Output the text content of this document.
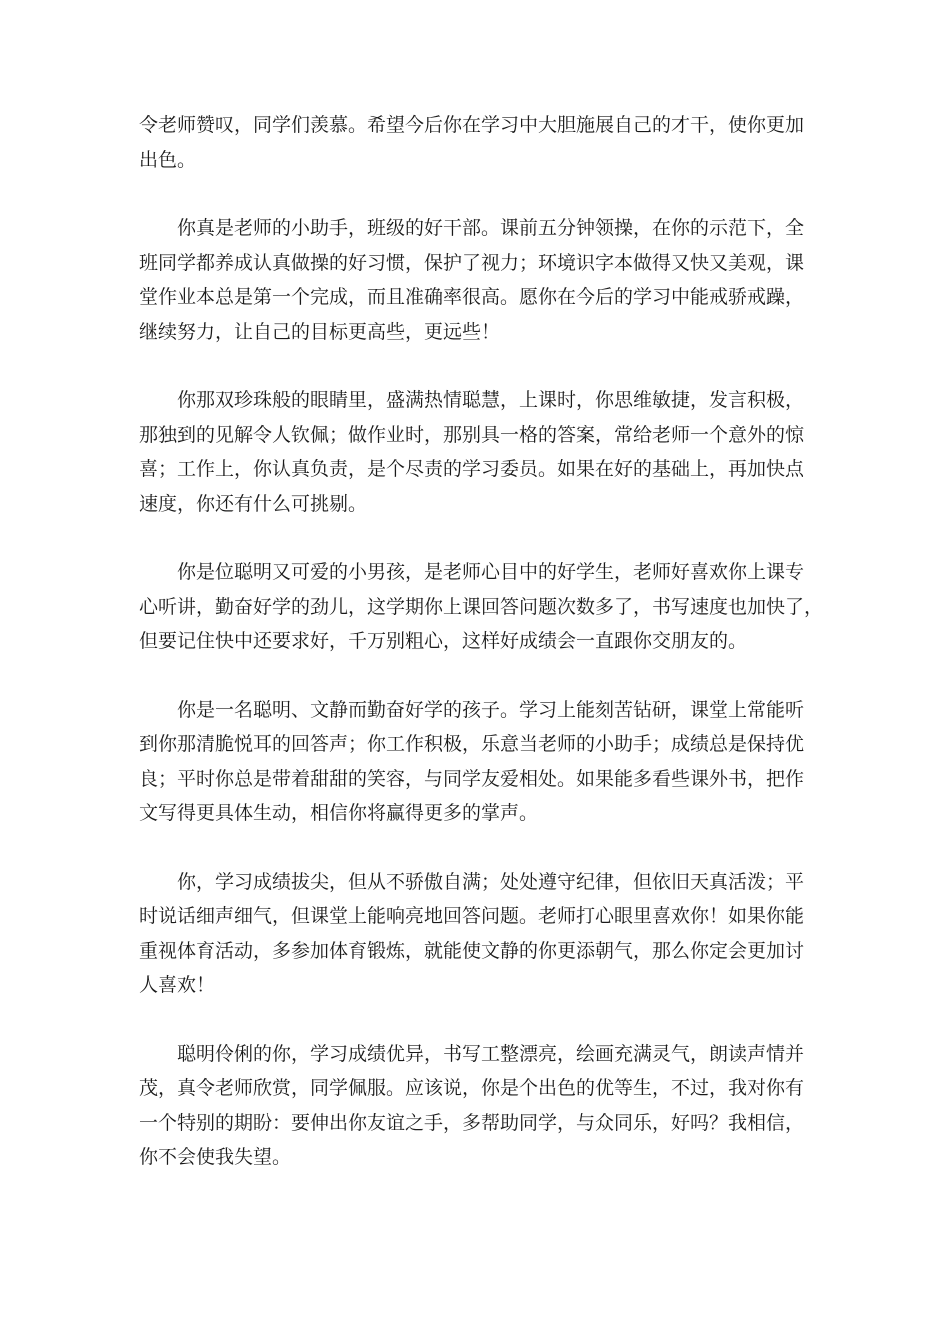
令老师赞叹，同学们羡慕。希望今后你在学习中大胆施展自己的才干，使你更加
出色。

　　你真是老师的小助手，班级的好干部。课前五分钟领操，在你的示范下，全
班同学都养成认真做操的好习惯，保护了视力；环境识字本做得又快又美观，课
堂作业本总是第一个完成，而且准确率很高。愿你在今后的学习中能戒骄戒躁，
继续努力，让自己的目标更高些，更远些！

　　你那双珍珠般的眼睛里，盛满热情聪慧，上课时，你思维敏捷，发言积极，
那独到的见解令人钦佩；做作业时，那别具一格的答案，常给老师一个意外的惊
喜；工作上，你认真负责，是个尽责的学习委员。如果在好的基础上，再加快点
速度，你还有什么可挑剔。

　　你是位聪明又可爱的小男孩，是老师心目中的好学生，老师好喜欢你上课专
心听讲，勤奋好学的劲儿，这学期你上课回答问题次数多了，书写速度也加快了，
但要记住快中还要求好，千万别粗心，这样好成绩会一直跟你交朋友的。

　　你是一名聪明、文静而勤奋好学的孩子。学习上能刻苦钻研，课堂上常能听
到你那清脆悦耳的回答声；你工作积极，乐意当老师的小助手；成绩总是保持优
良；平时你总是带着甜甜的笑容，与同学友爱相处。如果能多看些课外书，把作
文写得更具体生动，相信你将赢得更多的掌声。

　　你，学习成绩拔尖，但从不骄傲自满；处处遵守纪律，但依旧天真活泼；平
时说话细声细气，但课堂上能响亮地回答问题。老师打心眼里喜欢你！如果你能
重视体育活动，多参加体育锻炼，就能使文静的你更添朝气，那么你定会更加讨
人喜欢！

　　聪明伶俐的你，学习成绩优异，书写工整漂亮，绘画充满灵气，朗读声情并
茂，真令老师欣赏，同学佩服。应该说，你是个出色的优等生，不过，我对你有
一个特别的期盼：要伸出你友谊之手，多帮助同学，与众同乐，好吗？我相信，
你不会使我失望。
